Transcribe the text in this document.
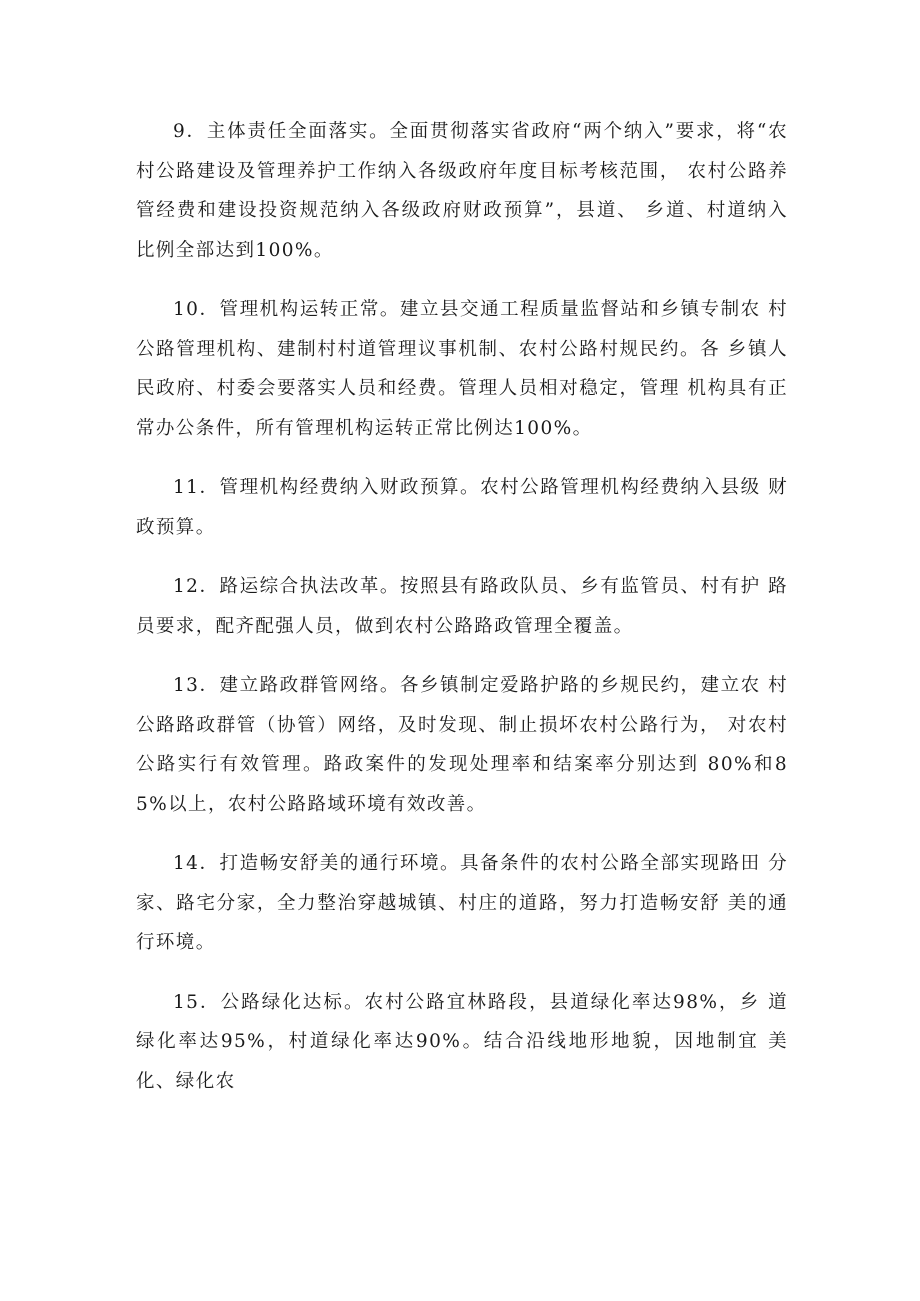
9．主体责任全面落实。全面贯彻落实省政府“两个纳入”要求，将“农村公路建设及管理养护工作纳入各级政府年度目标考核范围， 农村公路养管经费和建设投资规范纳入各级政府财政预算”，县道、 乡道、村道纳入比例全部达到100%。

10．管理机构运转正常。建立县交通工程质量监督站和乡镇专制农 村公路管理机构、建制村村道管理议事机制、农村公路村规民约。各 乡镇人民政府、村委会要落实人员和经费。管理人员相对稳定，管理 机构具有正常办公条件，所有管理机构运转正常比例达100%。

11．管理机构经费纳入财政预算。农村公路管理机构经费纳入县级 财政预算。

12．路运综合执法改革。按照县有路政队员、乡有监管员、村有护 路员要求，配齐配强人员，做到农村公路路政管理全覆盖。

13．建立路政群管网络。各乡镇制定爱路护路的乡规民约，建立农 村公路路政群管（协管）网络，及时发现、制止损坏农村公路行为， 对农村公路实行有效管理。路政案件的发现处理率和结案率分别达到 80%和85%以上，农村公路路域环境有效改善。

14．打造畅安舒美的通行环境。具备条件的农村公路全部实现路田 分家、路宅分家，全力整治穿越城镇、村庄的道路，努力打造畅安舒 美的通行环境。

15．公路绿化达标。农村公路宜林路段，县道绿化率达98%，乡 道绿化率达95%，村道绿化率达90%。结合沿线地形地貌，因地制宜 美化、绿化农
